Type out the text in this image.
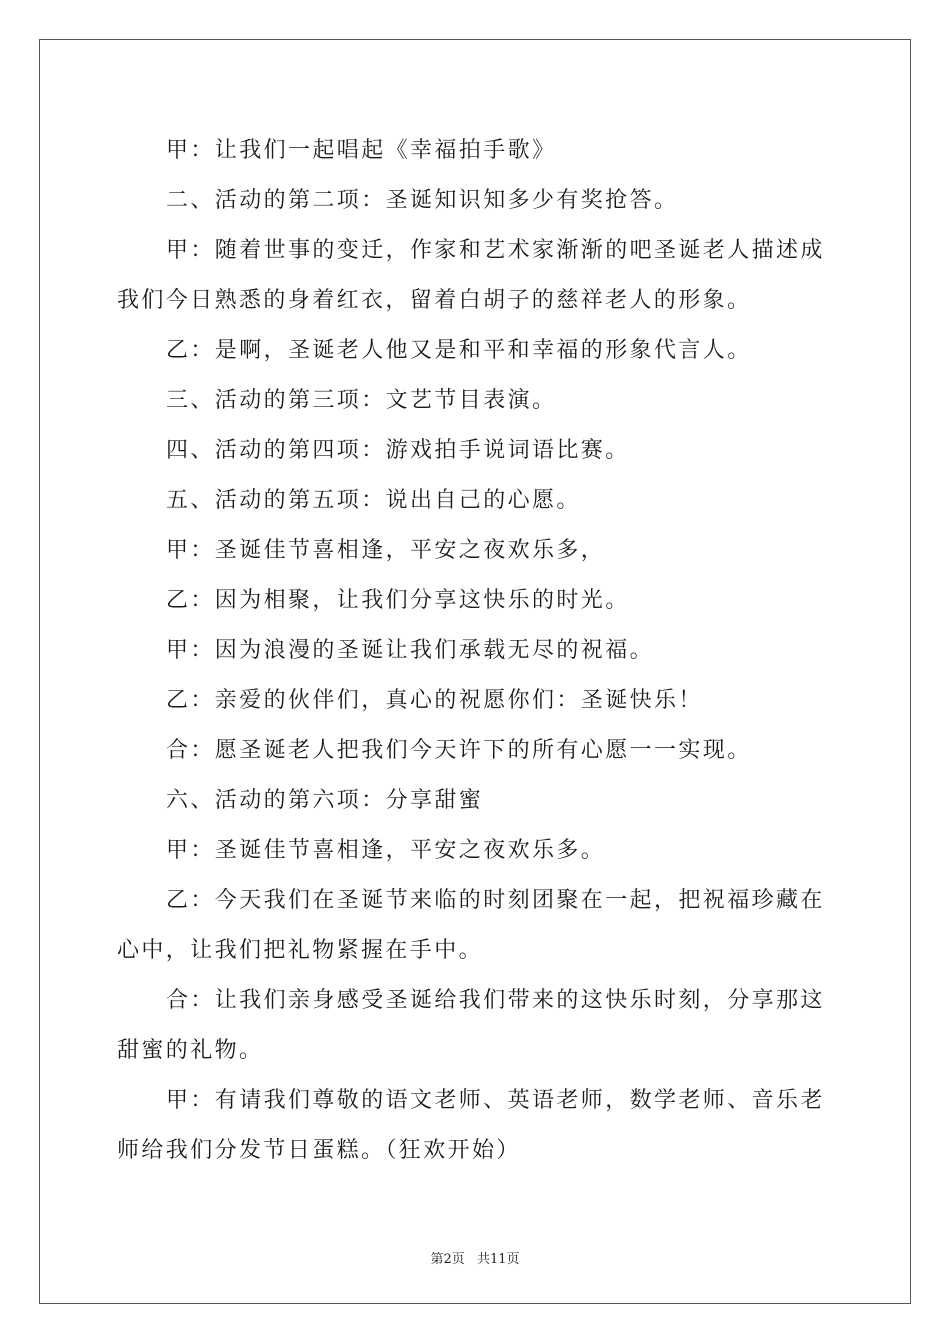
甲：让我们一起唱起《幸福拍手歌》

二、活动的第二项：圣诞知识知多少有奖抢答。

甲：随着世事的变迁，作家和艺术家渐渐的吧圣诞老人描述成我们今日熟悉的身着红衣，留着白胡子的慈祥老人的形象。

乙：是啊，圣诞老人他又是和平和幸福的形象代言人。

三、活动的第三项：文艺节目表演。

四、活动的第四项：游戏拍手说词语比赛。

五、活动的第五项：说出自己的心愿。

甲：圣诞佳节喜相逢，平安之夜欢乐多，

乙：因为相聚，让我们分享这快乐的时光。

甲：因为浪漫的圣诞让我们承载无尽的祝福。

乙：亲爱的伙伴们，真心的祝愿你们：圣诞快乐！

合：愿圣诞老人把我们今天许下的所有心愿一一实现。

六、活动的第六项：分享甜蜜

甲：圣诞佳节喜相逢，平安之夜欢乐多。

乙：今天我们在圣诞节来临的时刻团聚在一起，把祝福珍藏在心中，让我们把礼物紧握在手中。

合：让我们亲身感受圣诞给我们带来的这快乐时刻，分享那这甜蜜的礼物。

甲：有请我们尊敬的语文老师、英语老师，数学老师、音乐老师给我们分发节日蛋糕。（狂欢开始）

第2页 共11页
